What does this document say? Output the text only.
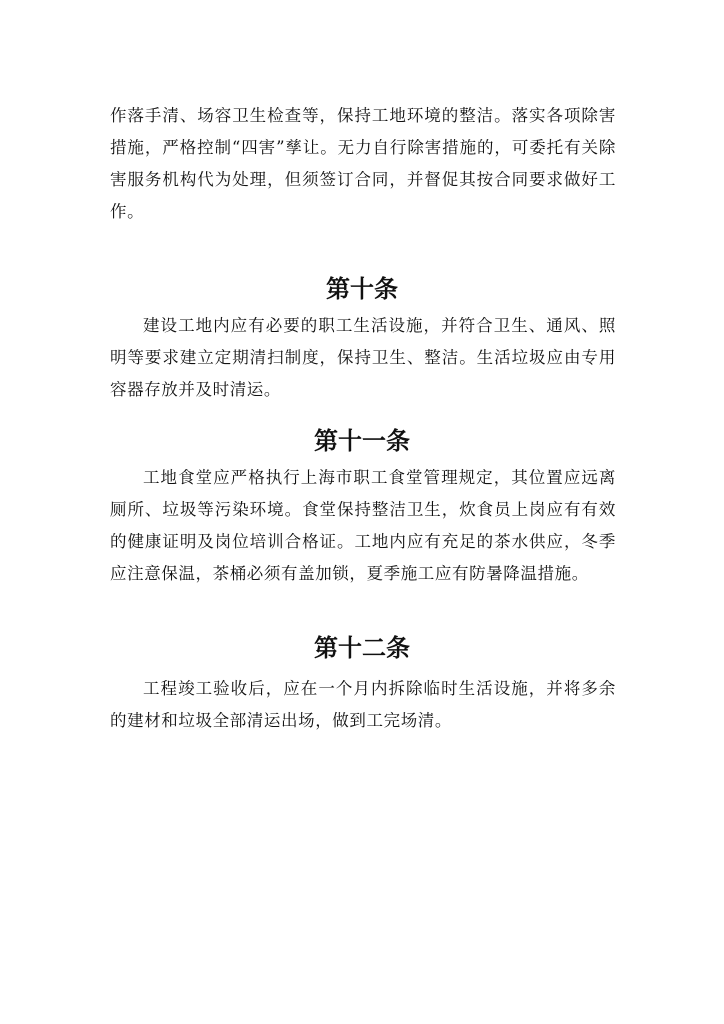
作落手清、场容卫生检查等，保持工地环境的整洁。落实各项除害措施，严格控制“四害”孳让。无力自行除害措施的，可委托有关除害服务机构代为处理，但须签订合同，并督促其按合同要求做好工作。

第十条

建设工地内应有必要的职工生活设施，并符合卫生、通风、照明等要求建立定期清扫制度，保持卫生、整洁。生活垃圾应由专用容器存放并及时清运。

第十一条

工地食堂应严格执行上海市职工食堂管理规定，其位置应远离厕所、垃圾等污染环境。食堂保持整洁卫生，炊食员上岗应有有效的健康证明及岗位培训合格证。工地内应有充足的茶水供应，冬季应注意保温，茶桶必须有盖加锁，夏季施工应有防暑降温措施。

第十二条

工程竣工验收后，应在一个月内拆除临时生活设施，并将多余的建材和垃圾全部清运出场，做到工完场清。
